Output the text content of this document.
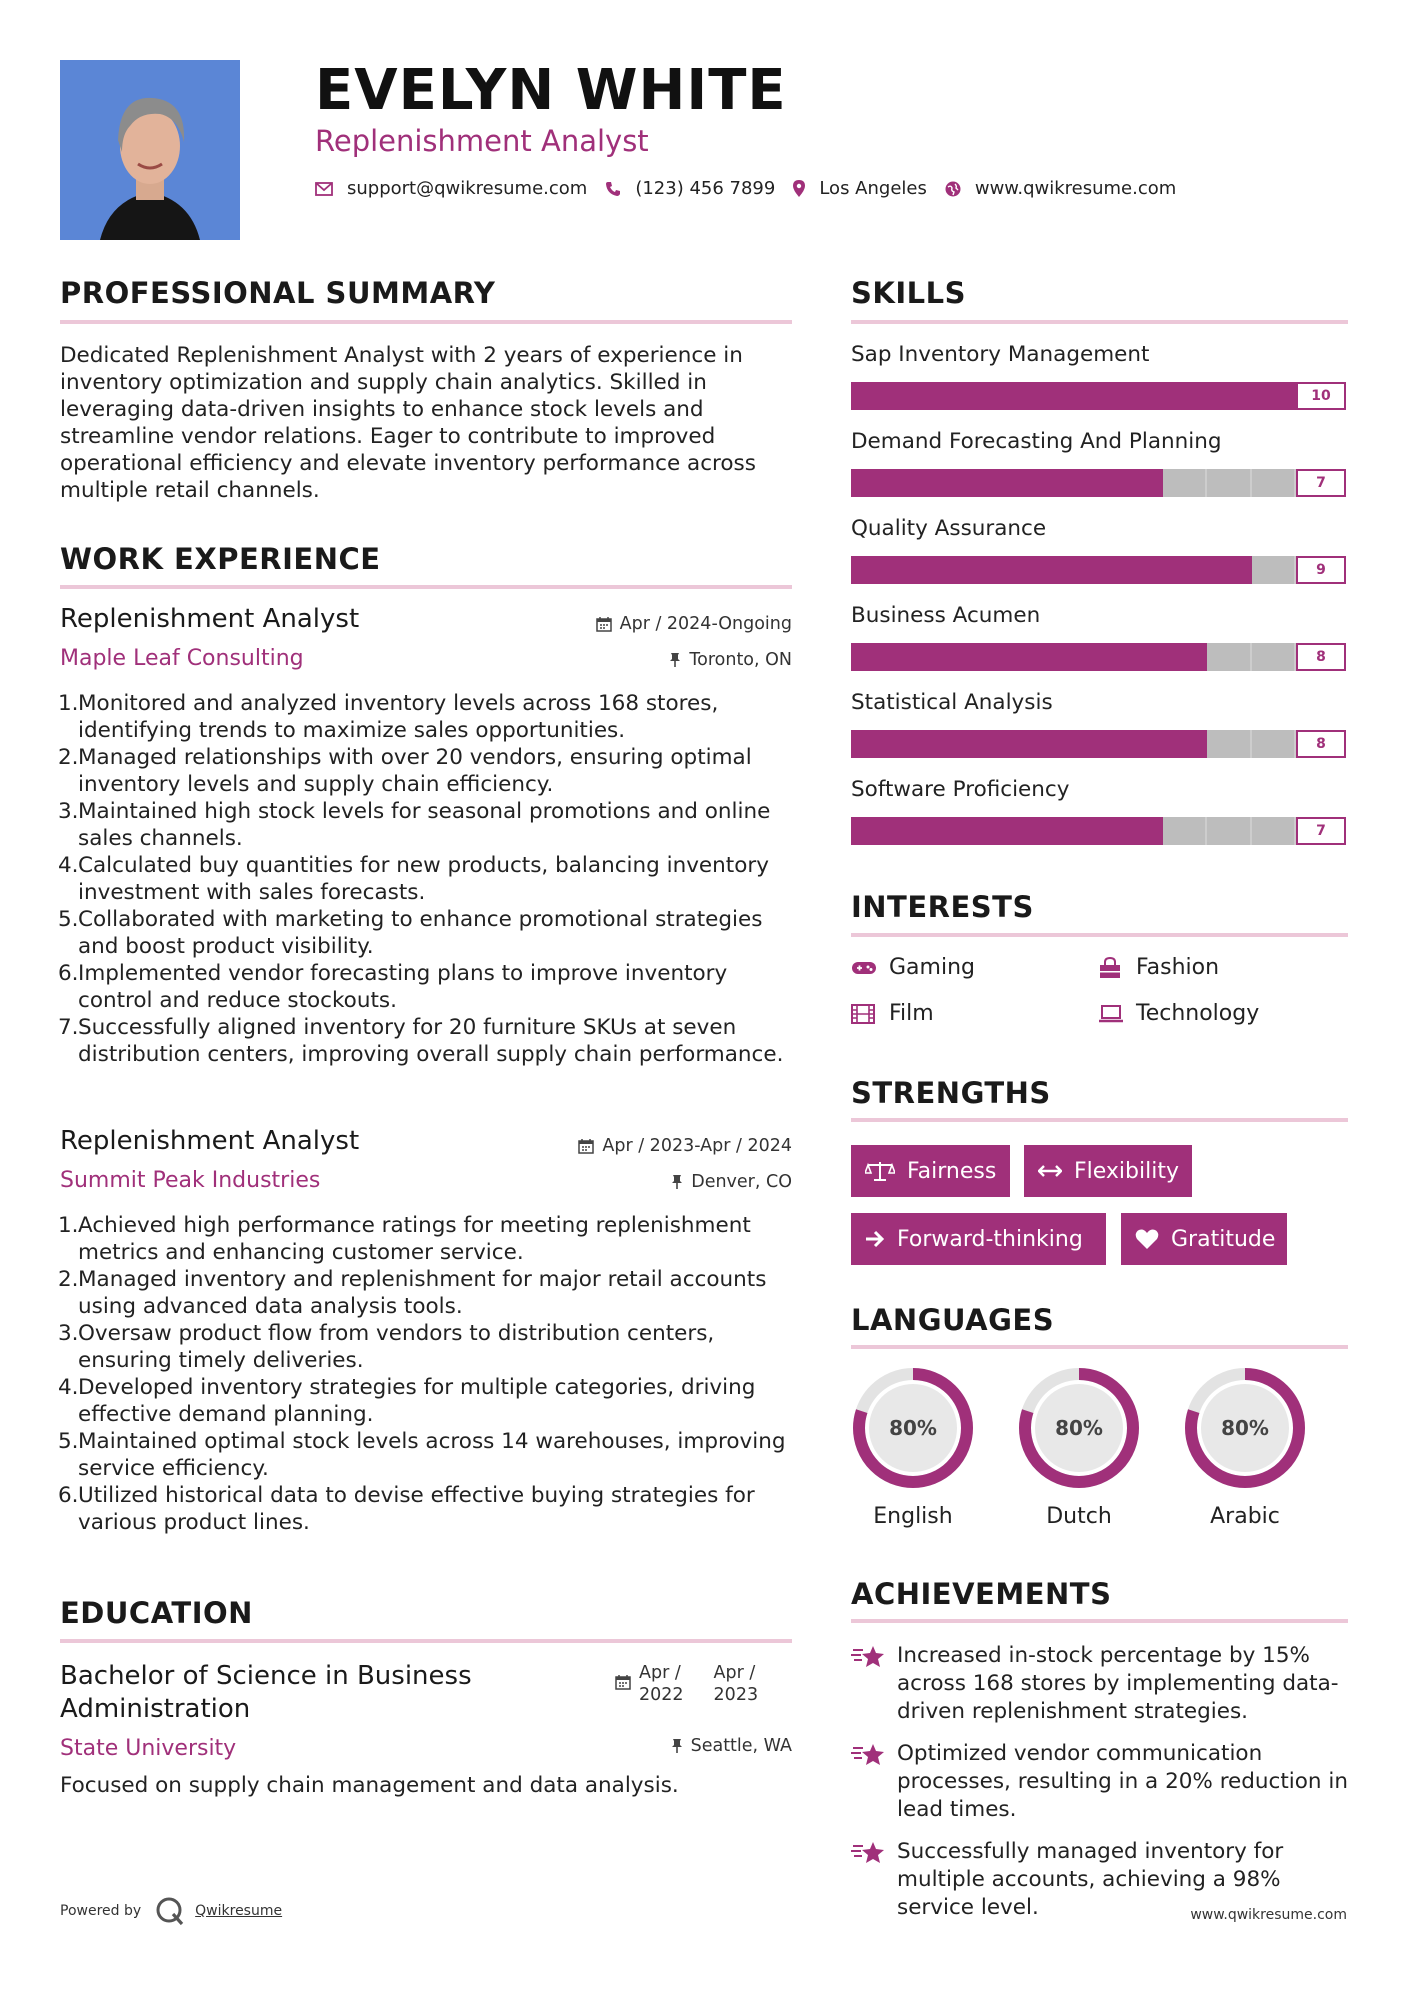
EVELYN WHITE
Replenishment Analyst
support@qwikresume.com	(123) 456 7899 Los Angeles	www.qwikresume.com
PROFESSIONAL SUMMARY
Dedicated Replenishment Analyst with 2 years of experience in inventory optimization and supply chain analytics. Skilled in leveraging data-driven insights to enhance stock levels and streamline vendor relations. Eager to contribute to improved operational efficiency and elevate inventory performance across multiple retail channels.
WORK EXPERIENCE
Replenishment Analyst	Apr / 2024-Ongoing
Maple Leaf Consulting	Toronto, ON
1. Monitored and analyzed inventory levels across 168 stores, identifying trends to maximize sales opportunities.
2. Managed relationships with over 20 vendors, ensuring optimal inventory levels and supply chain efficiency.
3. Maintained high stock levels for seasonal promotions and online sales channels.
4. Calculated buy quantities for new products, balancing inventory investment with sales forecasts.
5. Collaborated with marketing to enhance promotional strategies and boost product visibility.
6. Implemented vendor forecasting plans to improve inventory control and reduce stockouts.
7. Successfully aligned inventory for 20 furniture SKUs at seven distribution centers, improving overall supply chain performance.
Replenishment Analyst	Apr / 2023-Apr / 2024
Summit Peak Industries	Denver, CO
1. Achieved high performance ratings for meeting replenishment metrics and enhancing customer service.
2. Managed inventory and replenishment for major retail accounts using advanced data analysis tools.
3. Oversaw product flow from vendors to distribution centers, ensuring timely deliveries.
4. Developed inventory strategies for multiple categories, driving effective demand planning.
5. Maintained optimal stock levels across 14 warehouses, improving service efficiency.
6. Utilized historical data to devise effective buying strategies for various product lines.
EDUCATION
Bachelor of Science in Business
Administration
Apr /
2022
Apr /
2023
State University	Seattle, WA
Focused on supply chain management and data analysis.
SKILLS
Sap Inventory Management
10
Demand Forecasting And Planning
7
Quality Assurance
9
Business Acumen
8
Statistical Analysis
8
Software Proficiency
7
INTERESTS
Gaming	Fashion
Film	Technology
STRENGTHS
Fairness	Flexibility
Forward-thinking	Gratitude
LANGUAGES
80%
English
80%
Dutch
80%
Arabic
ACHIEVEMENTS
Increased in-stock percentage by 15% across 168 stores by implementing data-driven replenishment strategies.
Optimized vendor communication processes, resulting in a 20% reduction in lead times.
Successfully managed inventory for multiple accounts, achieving a 98% service level.
Powered by	Qwikresume	www.qwikresume.com
